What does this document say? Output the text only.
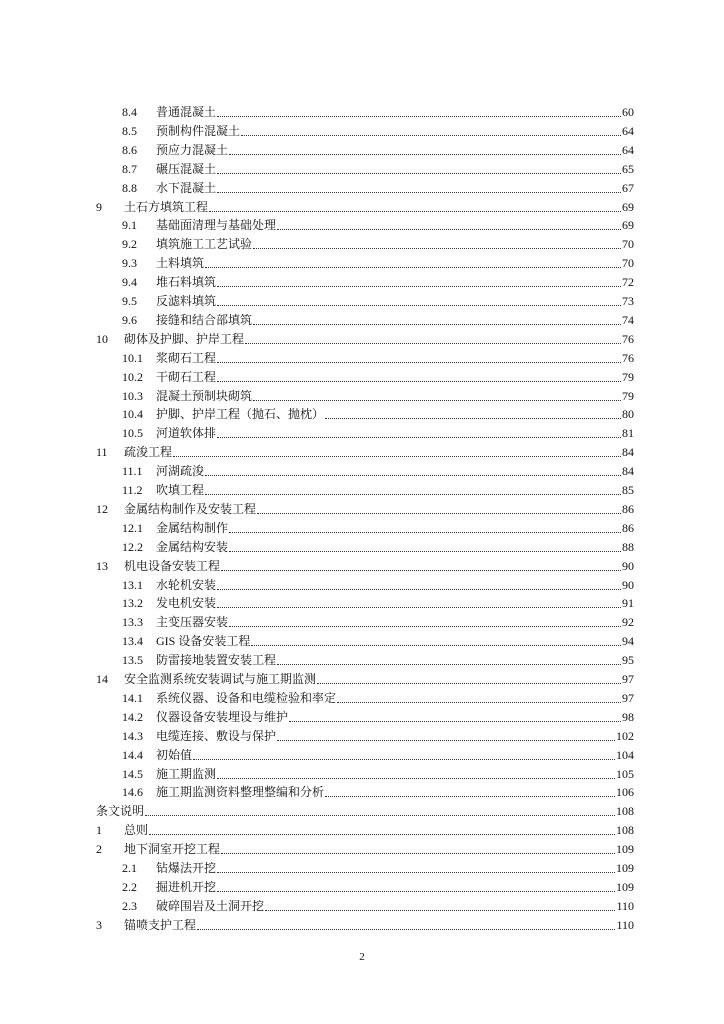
8.4	普通混凝土	60
8.5	预制构件混凝土	64
8.6	预应力混凝土	64
8.7	碾压混凝土	65
8.8	水下混凝土	67
9	土石方填筑工程	69
9.1	基础面清理与基础处理	69
9.2	填筑施工工艺试验	70
9.3	土料填筑	70
9.4	堆石料填筑	72
9.5	反滤料填筑	73
9.6	接缝和结合部填筑	74
10	砌体及护脚、护岸工程	76
10.1	浆砌石工程	76
10.2	干砌石工程	79
10.3	混凝土预制块砌筑	79
10.4	护脚、护岸工程（抛石、抛枕）	80
10.5	河道软体排	81
11	疏浚工程	84
11.1	河湖疏浚	84
11.2	吹填工程	85
12	金属结构制作及安装工程	86
12.1	金属结构制作	86
12.2	金属结构安装	88
13	机电设备安装工程	90
13.1	水轮机安装	90
13.2	发电机安装	91
13.3	主变压器安装	92
13.4	GIS 设备安装工程	94
13.5	防雷接地装置安装工程	95
14	安全监测系统安装调试与施工期监测	97
14.1	系统仪器、设备和电缆检验和率定	97
14.2	仪器设备安装埋设与维护	98
14.3	电缆连接、敷设与保护	102
14.4	初始值	104
14.5	施工期监测	105
14.6	施工期监测资料整理整编和分析	106
条文说明	108
1	总则	108
2	地下洞室开挖工程	109
2.1	钻爆法开挖	109
2.2	掘进机开挖	109
2.3	破碎围岩及土洞开挖	110
3	锚喷支护工程	110
2
